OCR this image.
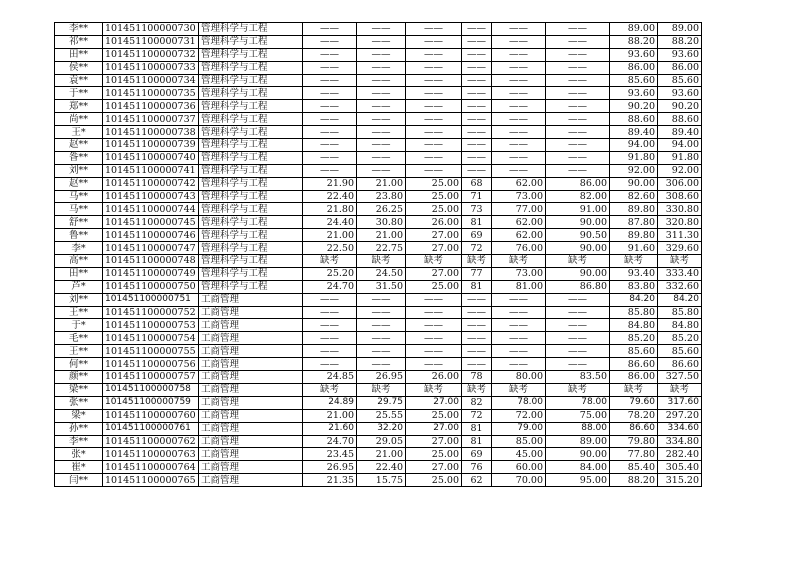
李**	101451100000730	管理科学与工程	——	——	——	——	——	——	89.00	89.00
祁**	101451100000731	管理科学与工程	——	——	——	——	——	——	88.20	88.20
田**	101451100000732	管理科学与工程	——	——	——	——	——	——	93.60	93.60
侯**	101451100000733	管理科学与工程	——	——	——	——	——	——	86.00	86.00
袁**	101451100000734	管理科学与工程	——	——	——	——	——	——	85.60	85.60
于**	101451100000735	管理科学与工程	——	——	——	——	——	——	93.60	93.60
郑**	101451100000736	管理科学与工程	——	——	——	——	——	——	90.20	90.20
尚**	101451100000737	管理科学与工程	——	——	——	——	——	——	88.60	88.60
王*	101451100000738	管理科学与工程	——	——	——	——	——	——	89.40	89.40
赵**	101451100000739	管理科学与工程	——	——	——	——	——	——	94.00	94.00
昝**	101451100000740	管理科学与工程	——	——	——	——	——	——	91.80	91.80
刘**	101451100000741	管理科学与工程	——	——	——	——	——	——	92.00	92.00
赵**	101451100000742	管理科学与工程	21.90	21.00	25.00	68	62.00	86.00	90.00	306.00
马**	101451100000743	管理科学与工程	22.40	23.80	25.00	71	73.00	82.00	82.60	308.60
马**	101451100000744	管理科学与工程	21.80	26.25	25.00	73	77.00	91.00	89.80	330.80
舒**	101451100000745	管理科学与工程	24.40	30.80	26.00	81	62.00	90.00	87.80	320.80
鲁**	101451100000746	管理科学与工程	21.00	21.00	27.00	69	62.00	90.50	89.80	311.30
李*	101451100000747	管理科学与工程	22.50	22.75	27.00	72	76.00	90.00	91.60	329.60
高**	101451100000748	管理科学与工程	缺考	缺考	缺考	缺考	缺考	缺考	缺考	缺考
田**	101451100000749	管理科学与工程	25.20	24.50	27.00	77	73.00	90.00	93.40	333.40
芦*	101451100000750	管理科学与工程	24.70	31.50	25.00	81	81.00	86.80	83.80	332.60
刘**	101451100000751	工商管理	——	——	——	——	——	——	84.20	84.20
王**	101451100000752	工商管理	——	——	——	——	——	——	85.80	85.80
于*	101451100000753	工商管理	——	——	——	——	——	——	84.80	84.80
毛**	101451100000754	工商管理	——	——	——	——	——	——	85.20	85.20
王**	101451100000755	工商管理	——	——	——	——	——	——	85.60	85.60
何**	101451100000756	工商管理	——	——	——	——	——	——	86.60	86.60
颜**	101451100000757	工商管理	24.85	26.95	26.00	78	80.00	83.50	86.00	327.50
梁**	101451100000758	工商管理	缺考	缺考	缺考	缺考	缺考	缺考	缺考	缺考
张**	101451100000759	工商管理	24.89	29.75	27.00	82	78.00	78.00	79.60	317.60
梁*	101451100000760	工商管理	21.00	25.55	25.00	72	72.00	75.00	78.20	297.20
孙**	101451100000761	工商管理	21.60	32.20	27.00	81	79.00	88.00	86.60	334.60
李**	101451100000762	工商管理	24.70	29.05	27.00	81	85.00	89.00	79.80	334.80
张*	101451100000763	工商管理	23.45	21.00	25.00	69	45.00	90.00	77.80	282.40
崔*	101451100000764	工商管理	26.95	22.40	27.00	76	60.00	84.00	85.40	305.40
闫**	101451100000765	工商管理	21.35	15.75	25.00	62	70.00	95.00	88.20	315.20
